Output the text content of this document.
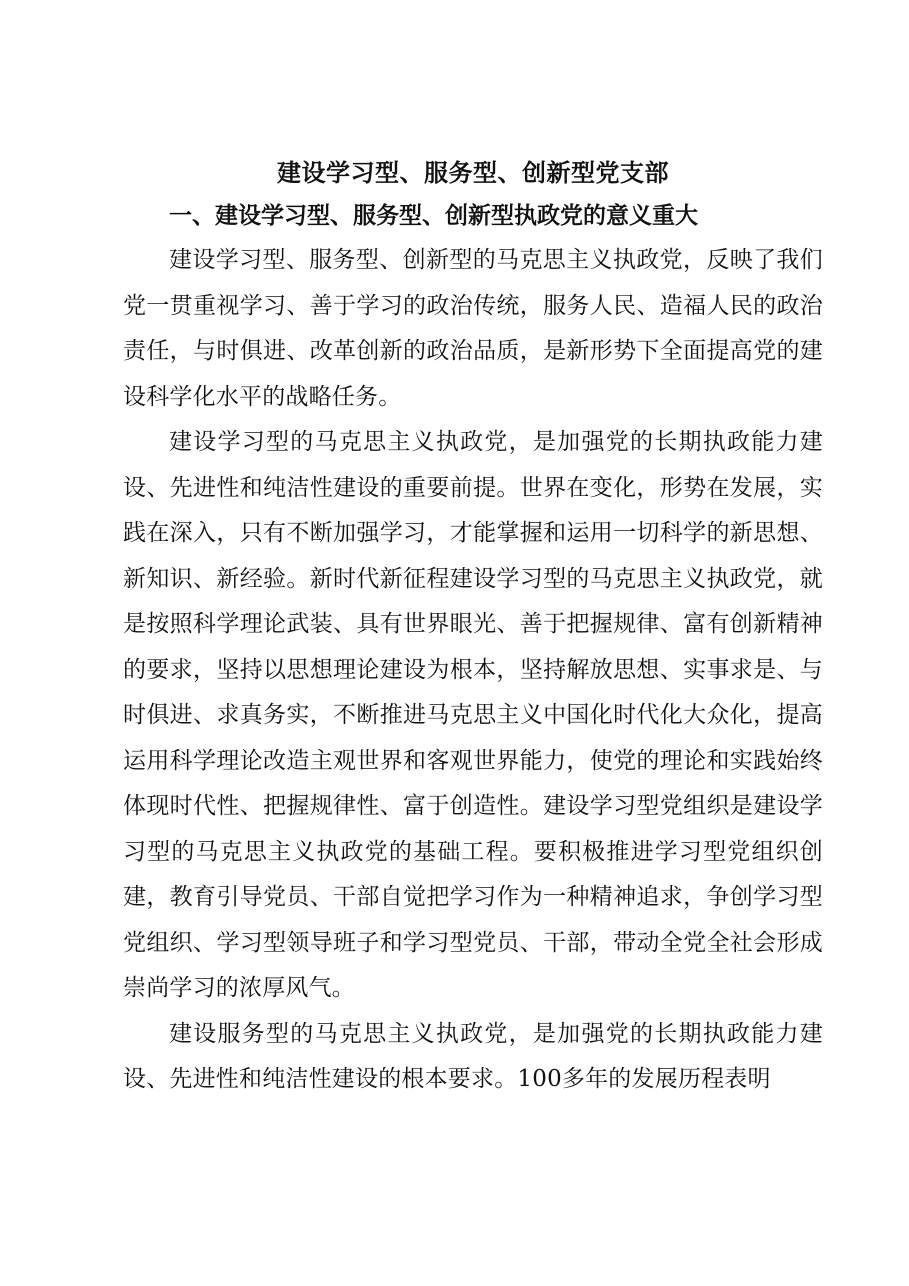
建设学习型、服务型、创新型党支部
一、建设学习型、服务型、创新型执政党的意义重大

建设学习型、服务型、创新型的马克思主义执政党，反映了我们党一贯重视学习、善于学习的政治传统，服务人民、造福人民的政治责任，与时俱进、改革创新的政治品质，是新形势下全面提高党的建设科学化水平的战略任务。

建设学习型的马克思主义执政党，是加强党的长期执政能力建设、先进性和纯洁性建设的重要前提。世界在变化，形势在发展，实践在深入，只有不断加强学习，才能掌握和运用一切科学的新思想、新知识、新经验。新时代新征程建设学习型的马克思主义执政党，就是按照科学理论武装、具有世界眼光、善于把握规律、富有创新精神的要求，坚持以思想理论建设为根本，坚持解放思想、实事求是、与时俱进、求真务实，不断推进马克思主义中国化时代化大众化，提高运用科学理论改造主观世界和客观世界能力，使党的理论和实践始终体现时代性、把握规律性、富于创造性。建设学习型党组织是建设学习型的马克思主义执政党的基础工程。要积极推进学习型党组织创建，教育引导党员、干部自觉把学习作为一种精神追求，争创学习型党组织、学习型领导班子和学习型党员、干部，带动全党全社会形成崇尚学习的浓厚风气。

建设服务型的马克思主义执政党，是加强党的长期执政能力建设、先进性和纯洁性建设的根本要求。100多年的发展历程表明
